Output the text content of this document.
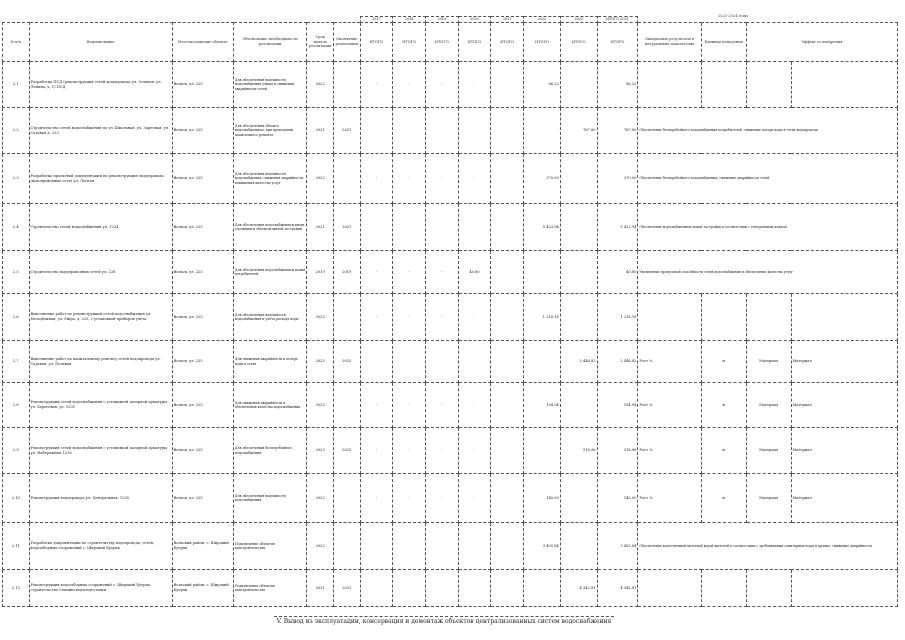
2021-2024 годы
						2017	2018	2019	2020	2021	2022	2023	ИТОГО 2021				
№ п/п	Наименование	Местоположение объекта	Обоснование необходимости реализации	Срок начала реализации	Окончание реализации	ИТОГО	ИТОГО	ИТОГО	ИТОГО	ИТОГО	ИТОГО	ИТОГО	ИТОГО	Ожидаемые результаты в натуральных показателях	Единица измерения	Эффект от внедрения	
2.1	Разработка ПСД (реконструкция сетей водопровода ул. Зеленая, ул. Ленина, д. 1) ПСД	Вольск, ул. 225	Для обеспечения надёжности водоснабжения улицы и снижения аварийности сетей	2022		-	-	-	-		86,22		86,22				
2.2	Строительство сетей водоснабжения по ул. Школьная, ул. Заречная, ул. Садовая д. 225	Вольск, ул. 225	Для обеспечения объекта водоснабжением, при проведении капитального ремонта	2021	2021						-	767,80	767,80	Обеспечение бесперебойного водоснабжения потребителей, снижение потерь воды в сетях водопровода			
2.3	Разработка проектной документации на реконструкцию водопровода (водопроводные сети) ул. Лесная	Вольск, ул. 225	Для обеспечения надёжности водоснабжения, снижения аварийности, повышения качества услуг	2022		-	-	-	-		370,00		370,00	Обеспечение бесперебойного водоснабжения, снижение аварийности сетей			
2.4	Строительство сетей водоснабжения ул. 1224	Вольск, ул. 225	Для обеспечения водоснабжением вновь строящихся объектов жилой застройки	2021	2021						5 423,94		5 423,94	Обеспечение водоснабжением новой застройки в соответствии с генеральным планом			
2.5	Строительство водопроводных сетей ул. 228	Вольск, ул. 225	Для обеспечения водоснабжением новых потребителей	2019	2019	-	-	-	40,80				40,80	Увеличение пропускной способности сетей водоснабжения и обеспечение качества услуг			
2.6	Выполнение работ по реконструкции сетей водоснабжения ул. Молодёжная, ул. Мира, д. 225, с установкой приборов учёта	Вольск, ул. 225	Для обеспечения надёжности водоснабжения и учёта расхода воды	2022		-	-	-	-		1 216,18		1 216,18				
2.7	Выполнение работ по капитальному ремонту сетей водопровода ул. Садовая, ул. Полевая	Вольск, ул. 225	Для снижения аварийности и потерь воды в сетях	2023	2023							2 446,82	2 446,82	Рост %	м	Материал	Материал
2.8	Реконструкция сетей водоснабжения с установкой запорной арматуры ул. Береговая, ул. 1535	Вольск, ул. 225	Для снижения аварийности и обеспечения качества водоснабжения	2022		-	-	-	-		104,94		104,94	Рост %	м	Материал	Материал
2.9	Реконструкция сетей водоснабжения с установкой запорной арматуры ул. Набережная 1218	Вольск, ул. 225	Для обеспечения бесперебойного водоснабжения	2023	2023	-	-	-	-			518,96	518,96	Рост %	м	Материал	Материал
2.10	Реконструкция водопровода ул. Центральная, 1205	Вольск, ул. 225	Для обеспечения надёжности водоснабжения	2022		-	-	-	-		140,00		140,00	Рост %	м	Материал	Материал
2.11	Разработка документации по строительству водопровода, сетей, водозаборных сооружений с. Широкий Буерак	Вольский район, с. Широкий Буерак	Подключение объектов капстроительства	2022							3 405,84		3 405,84	Обеспечение качественной питьевой водой жителей в соответствии с требованиями санитарных норм и правил, снижение аварийности			
2.12	Реконструкция водозаборных сооружений с. Широкий Буерак, строительство станции водоподготовки	Вольский район, с. Широкий Буерак	Подключение объектов капстроительства	2021	2021							4 342,81	4 342,81				
V. Вывод из эксплуатации, консервация и демонтаж объектов централизованных систем водоснабжения
